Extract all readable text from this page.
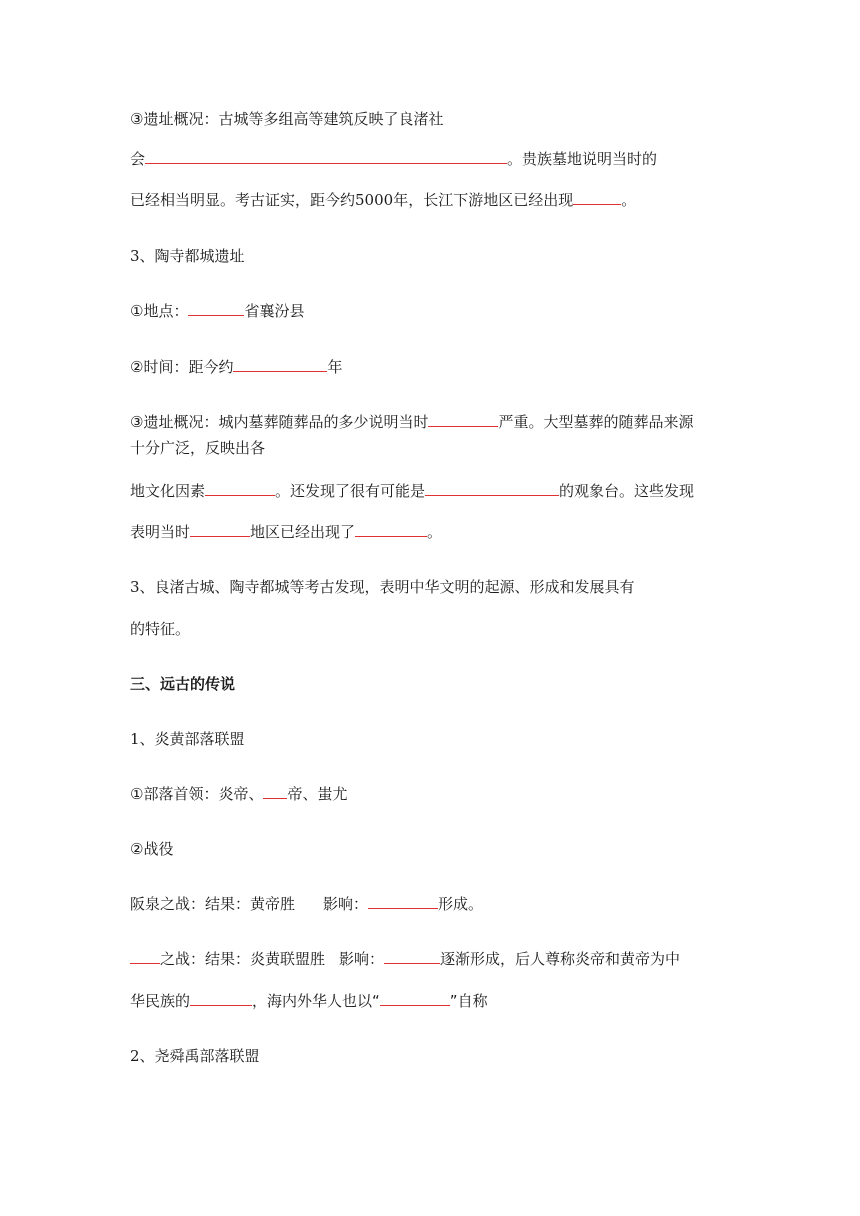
③遗址概况：古城等多组高等建筑反映了良渚社
会	。贵族墓地说明当时的
已经相当明显。考古证实，距今约5000年，长江下游地区已经出现	。
3、陶寺都城遗址
①地点：	省襄汾县
②时间：距今约	年
③遗址概况：城内墓葬随葬品的多少说明当时	严重。大型墓葬的随葬品来源
十分广泛，反映出各
地文化因素	。还发现了很有可能是	的观象台。这些发现
表明当时	地区已经出现了	。
3、良渚古城、陶寺都城等考古发现，表明中华文明的起源、形成和发展具有
的特征。
三、远古的传说
1、炎黄部落联盟
①部落首领：炎帝、 帝、蚩尤
②战役
阪泉之战：结果：黄帝胜 影响：	形成。
之战：结果：炎黄联盟胜 影响：	逐渐形成，后人尊称炎帝和黄帝为中
华民族的	，海内外华人也以“	”自称
2、尧舜禹部落联盟
